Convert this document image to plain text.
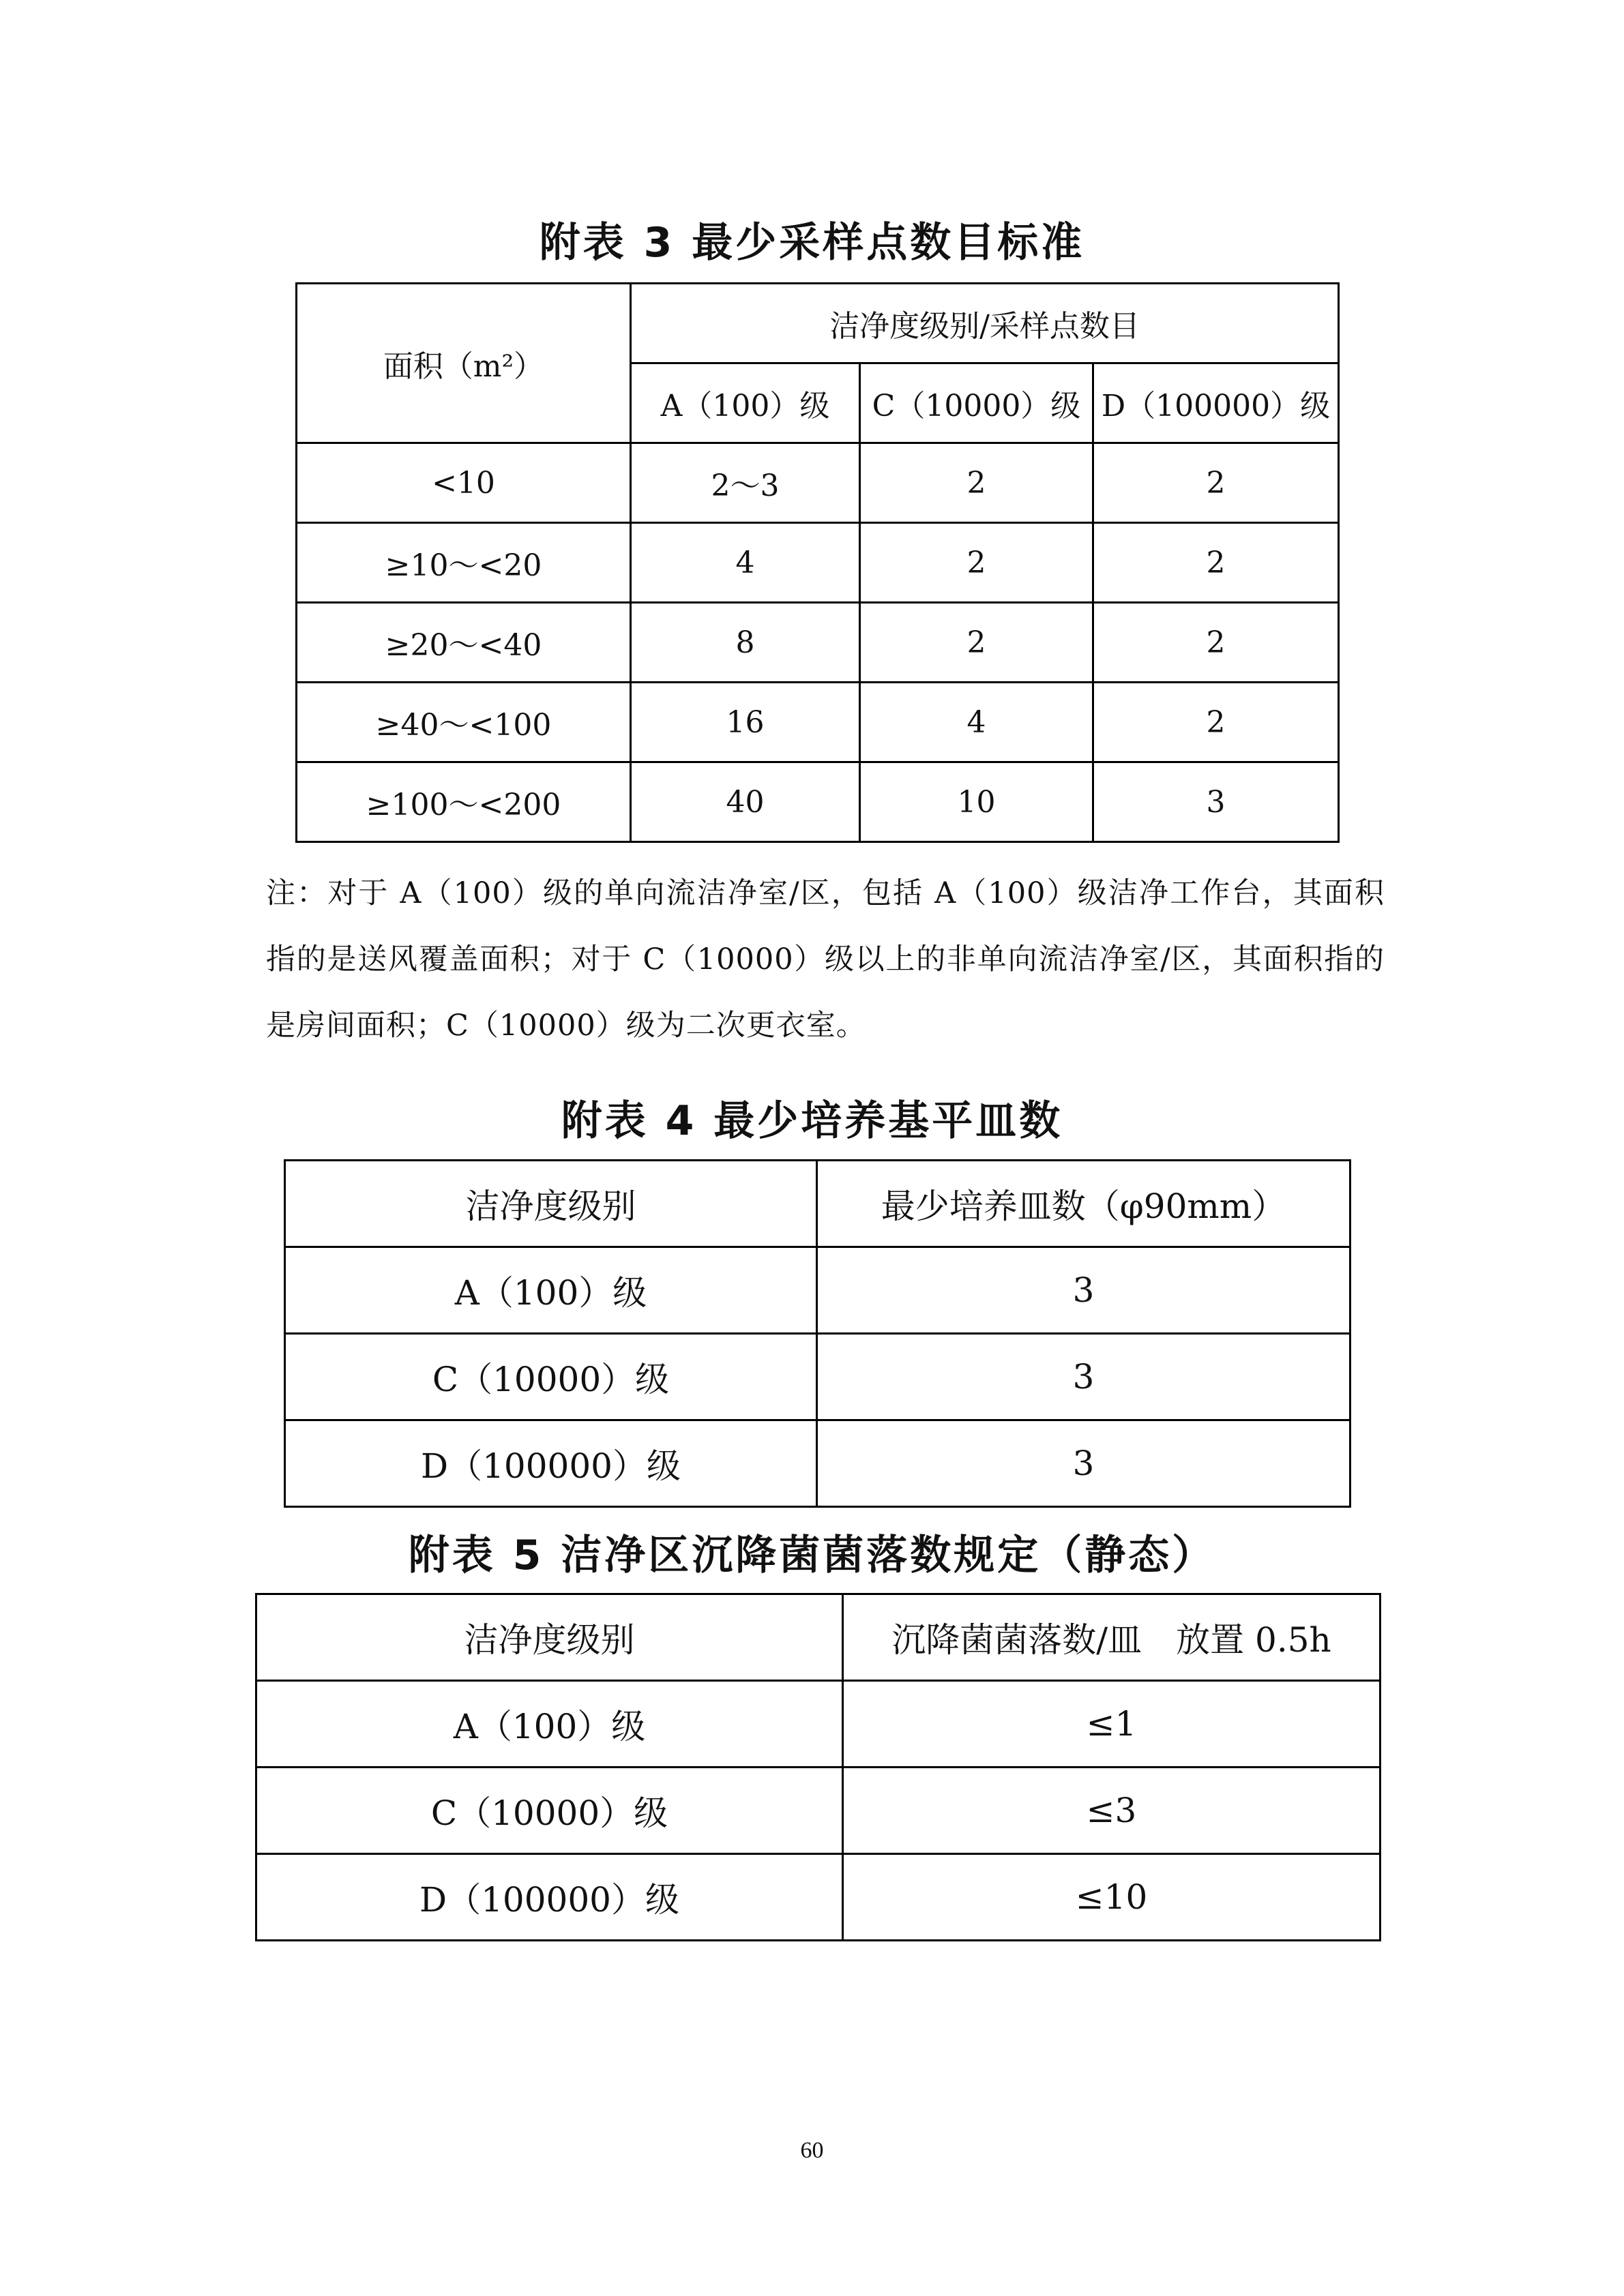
附表 3 最少采样点数目标准
面积（m²）	洁净度级别/采样点数目		
	A（100）级	C（10000）级	D（100000）级
<10	2～3	2	2
≥10～<20	4	2	2
≥20～<40	8	2	2
≥40～<100	16	4	2
≥100～<200	40	10	3
注：对于 A（100）级的单向流洁净室/区，包括 A（100）级洁净工作台，其面积指的是送风覆盖面积；对于 C（10000）级以上的非单向流洁净室/区，其面积指的是房间面积；C（10000）级为二次更衣室。
附表 4 最少培养基平皿数
洁净度级别	最少培养皿数（φ90mm）
A（100）级	3
C（10000）级	3
D（100000）级	3
附表 5 洁净区沉降菌菌落数规定（静态）
洁净度级别	沉降菌菌落数/皿　放置 0.5h
A（100）级	≤1
C（10000）级	≤3
D（100000）级	≤10
60
